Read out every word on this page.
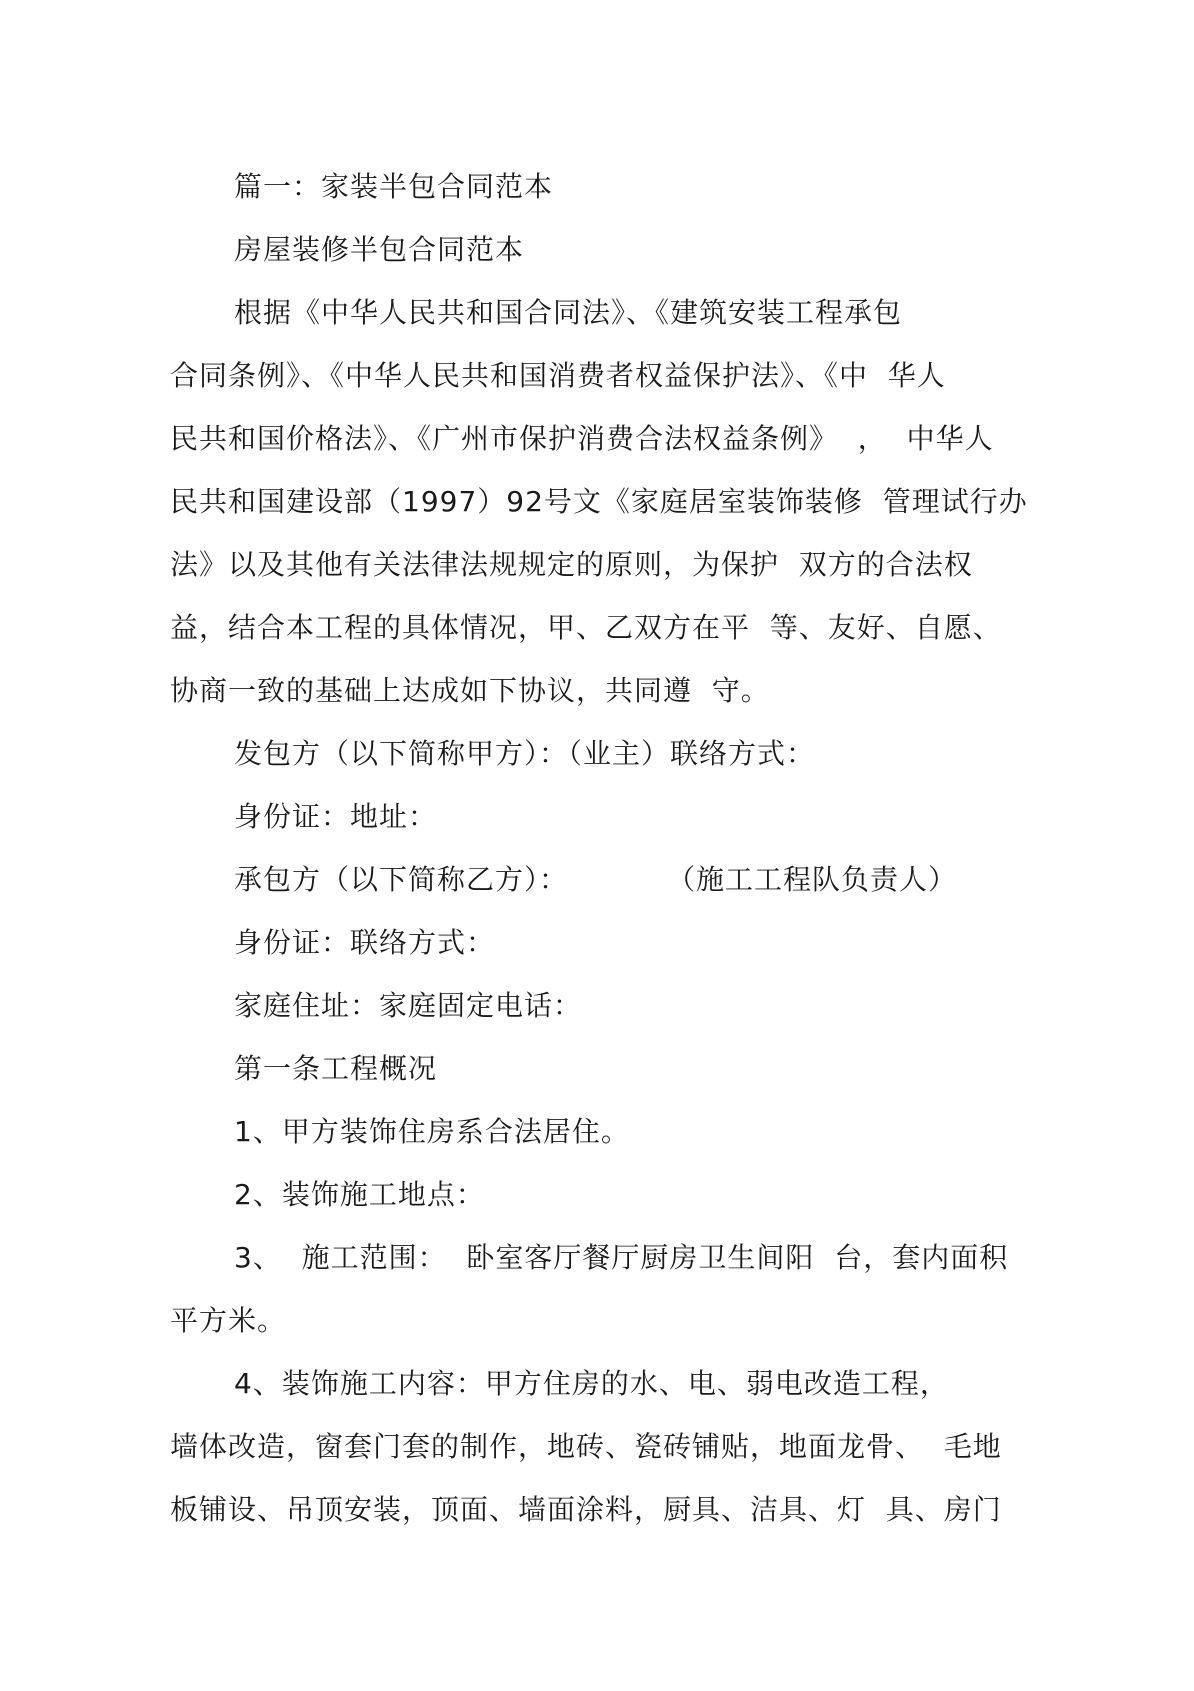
篇一：家装半包合同范本
房屋装修半包合同范本
根据《中华人民共和国合同法》、《建筑安装工程承包
合同条例》、《中华人民共和国消费者权益保护法》、《中  华人
民共和国价格法》、《广州市保护消费合法权益条例》  ，  中华人
民共和国建设部（1997）92号文《家庭居室装饰装修  管理试行办
法》以及其他有关法律法规规定的原则，为保护  双方的合法权
益，结合本工程的具体情况，甲、乙双方在平  等、友好、自愿、
协商一致的基础上达成如下协议，共同遵  守。
发包方（以下简称甲方）：（业主）联络方式：
身份证：地址：
承包方（以下简称乙方）：          （施工工程队负责人）
身份证：联络方式：
家庭住址：家庭固定电话：
第一条工程概况
1、甲方装饰住房系合法居住。
2、装饰施工地点：
3、  施工范围：  卧室客厅餐厅厨房卫生间阳  台，套内面积
平方米。
4、装饰施工内容：甲方住房的水、电、弱电改造工程，
墙体改造，窗套门套的制作，地砖、瓷砖铺贴，地面龙骨、  毛地
板铺设、吊顶安装，顶面、墙面涂料，厨具、洁具、灯  具、房门
